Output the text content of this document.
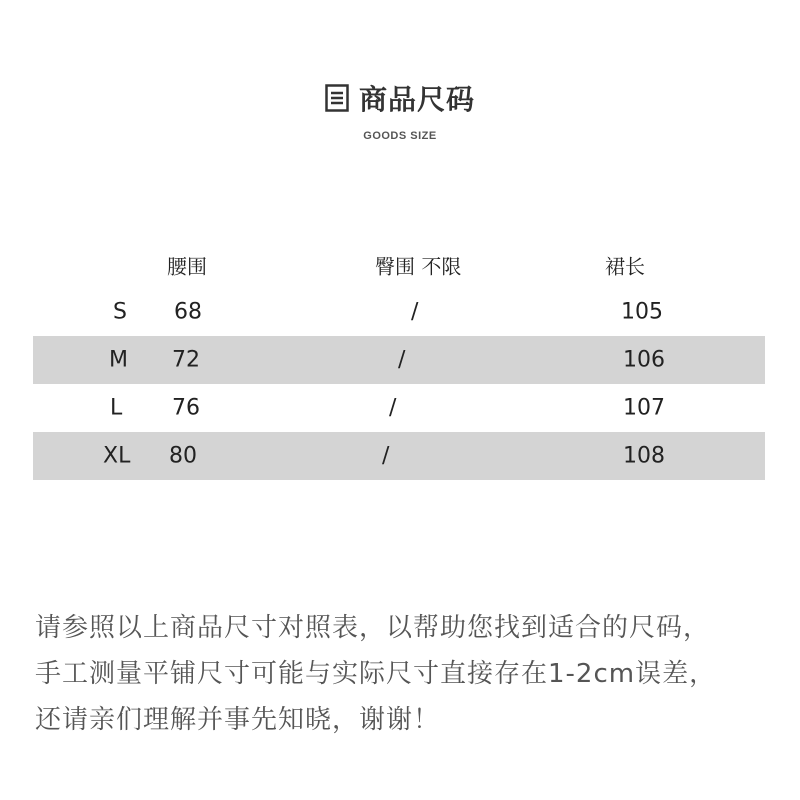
商品尺码
GOODS SIZE
腰围	臀围 不限	裙长
S 68	/	105
M 72	/	106
L 76	/	107
XL 80	/	108

请参照以上商品尺寸对照表，以帮助您找到适合的尺码，

手工测量平铺尺寸可能与实际尺寸直接存在1-2cm误差，

还请亲们理解并事先知晓，谢谢！
